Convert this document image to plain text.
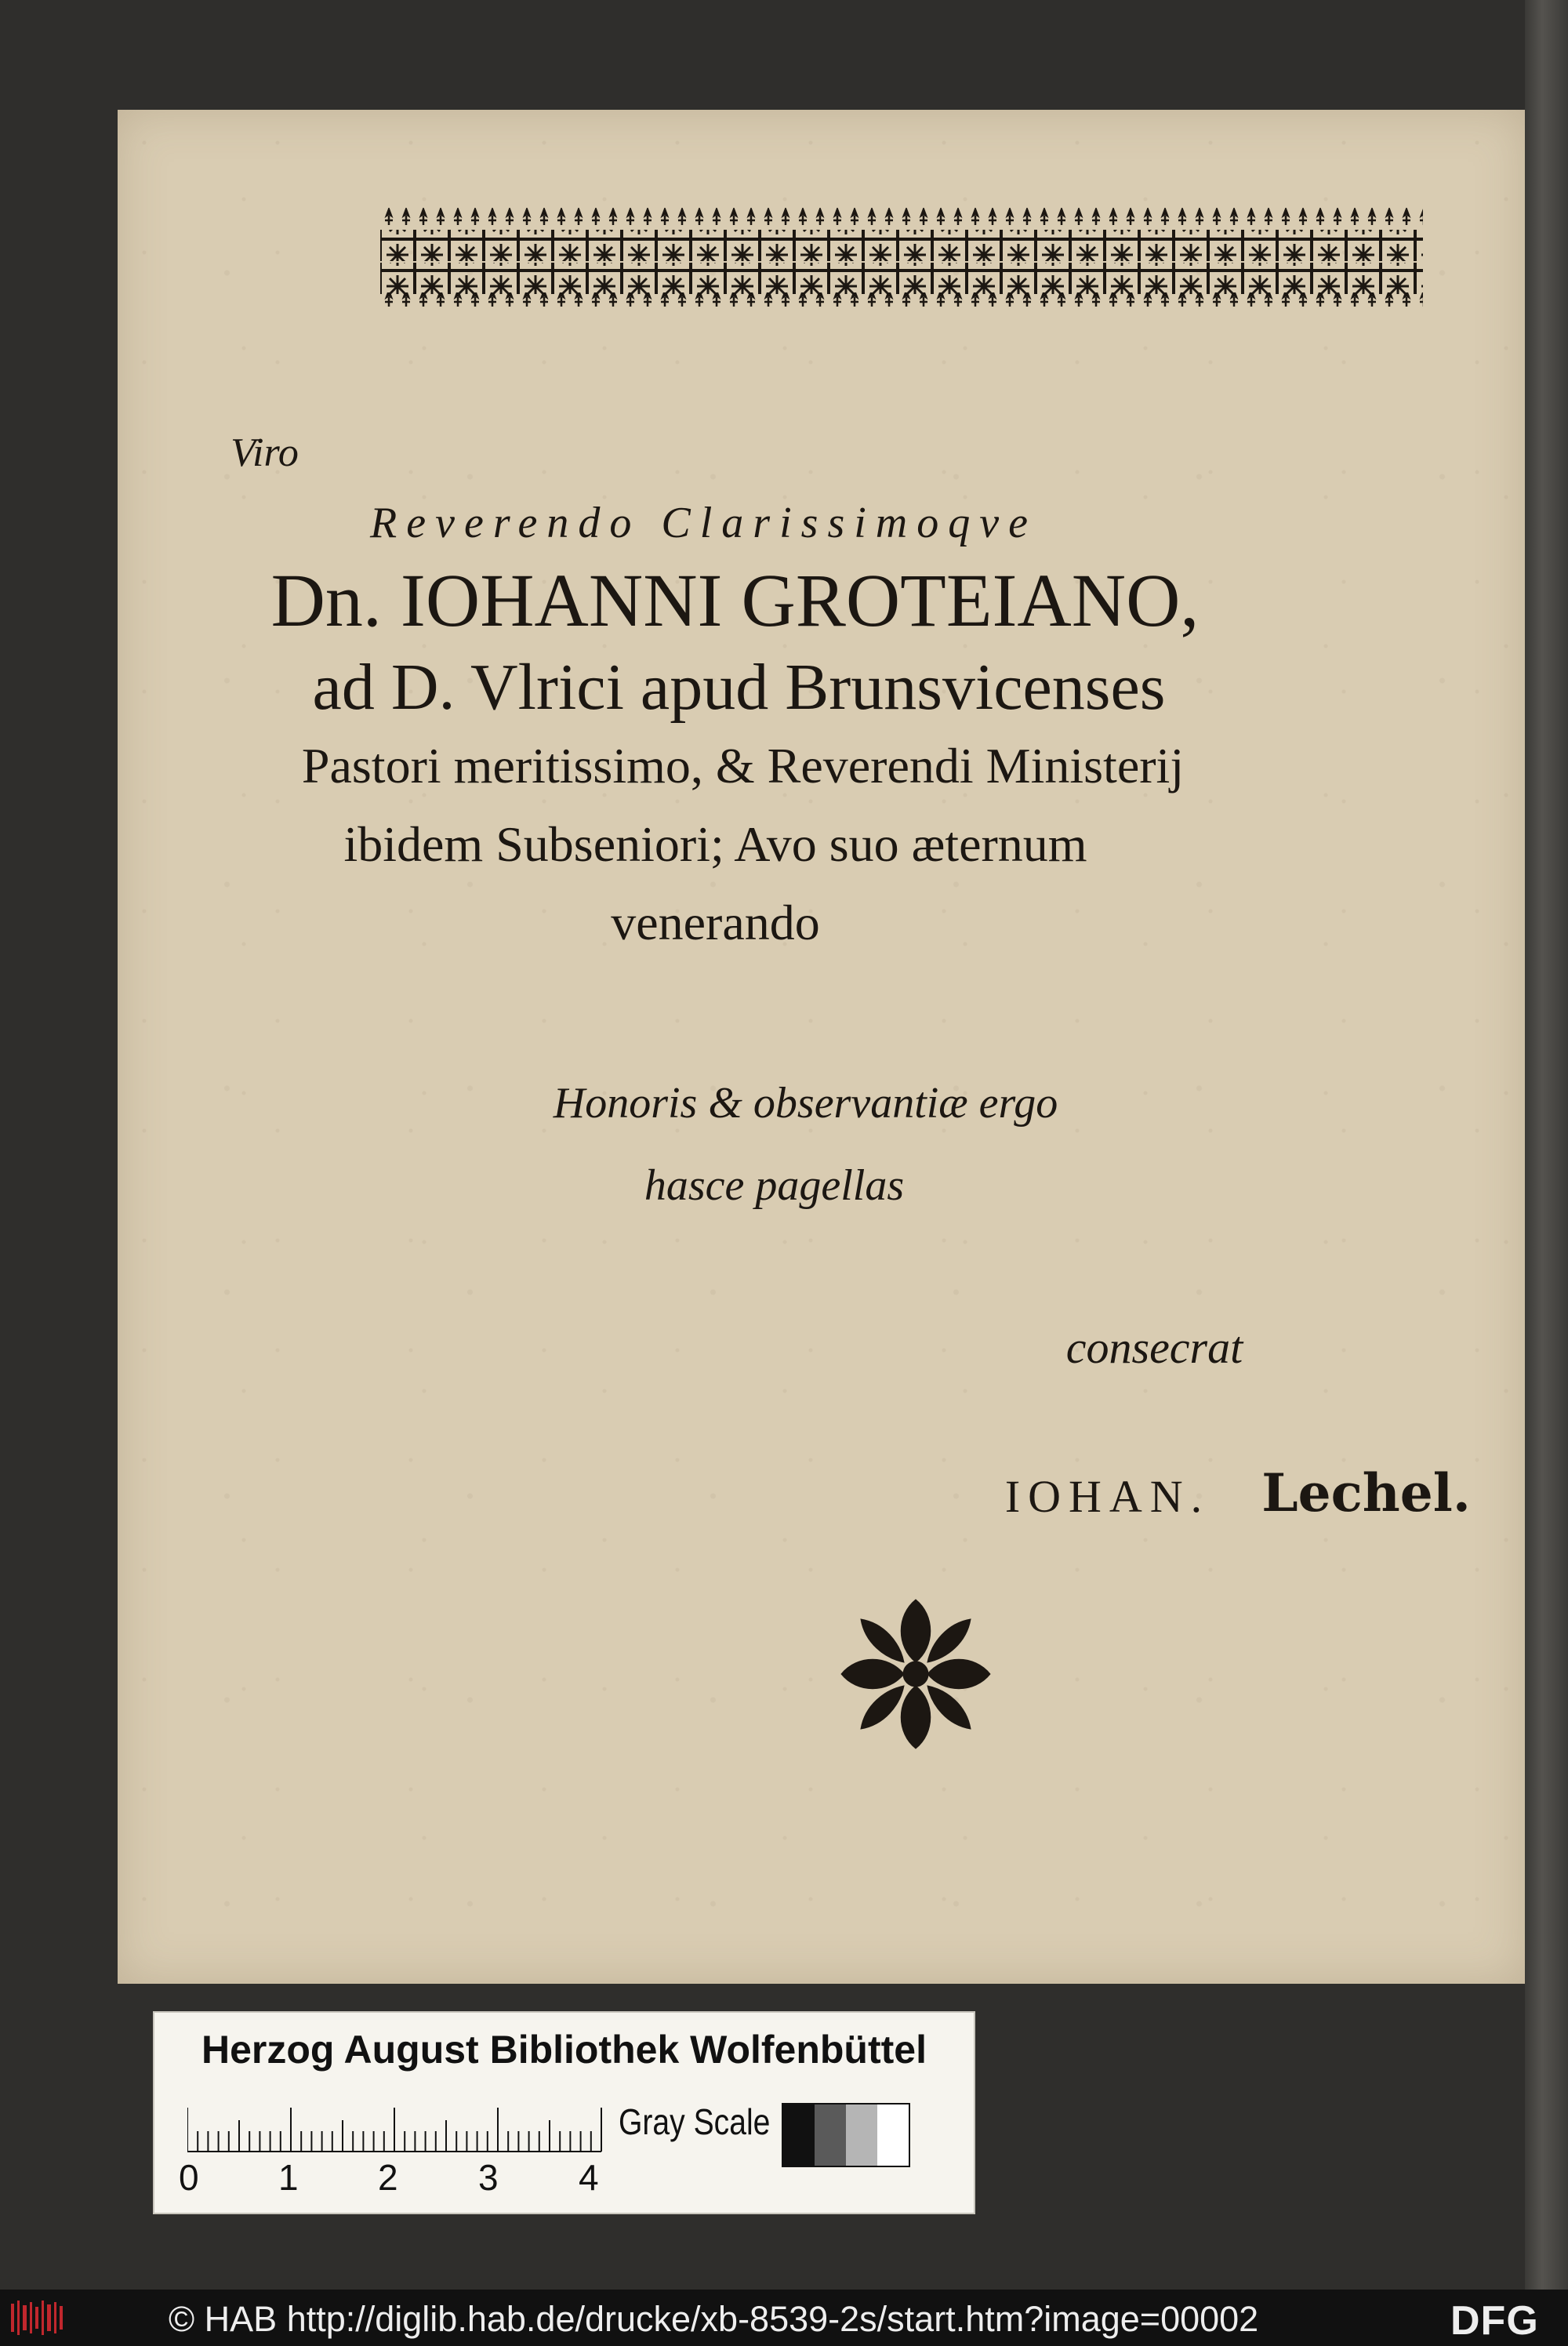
Viro
Reverendo Clarissimoqve
Dn. IOHANNI GROTEIANO,
ad D. Vlrici apud Brunsvicenses
Pastori meritissimo, & Reverendi Ministerij
ibidem Subseniori; Avo suo æternum
venerando
Honoris & observantiæ ergo
hasce pagellas
consecrat
IOHAN.	Lechel.
Herzog August Bibliothek Wolfenbüttel
Gray Scale
0 1 2 3 4
© HAB http://diglib.hab.de/drucke/xb-8539-2s/start.htm?image=00002	DFG
